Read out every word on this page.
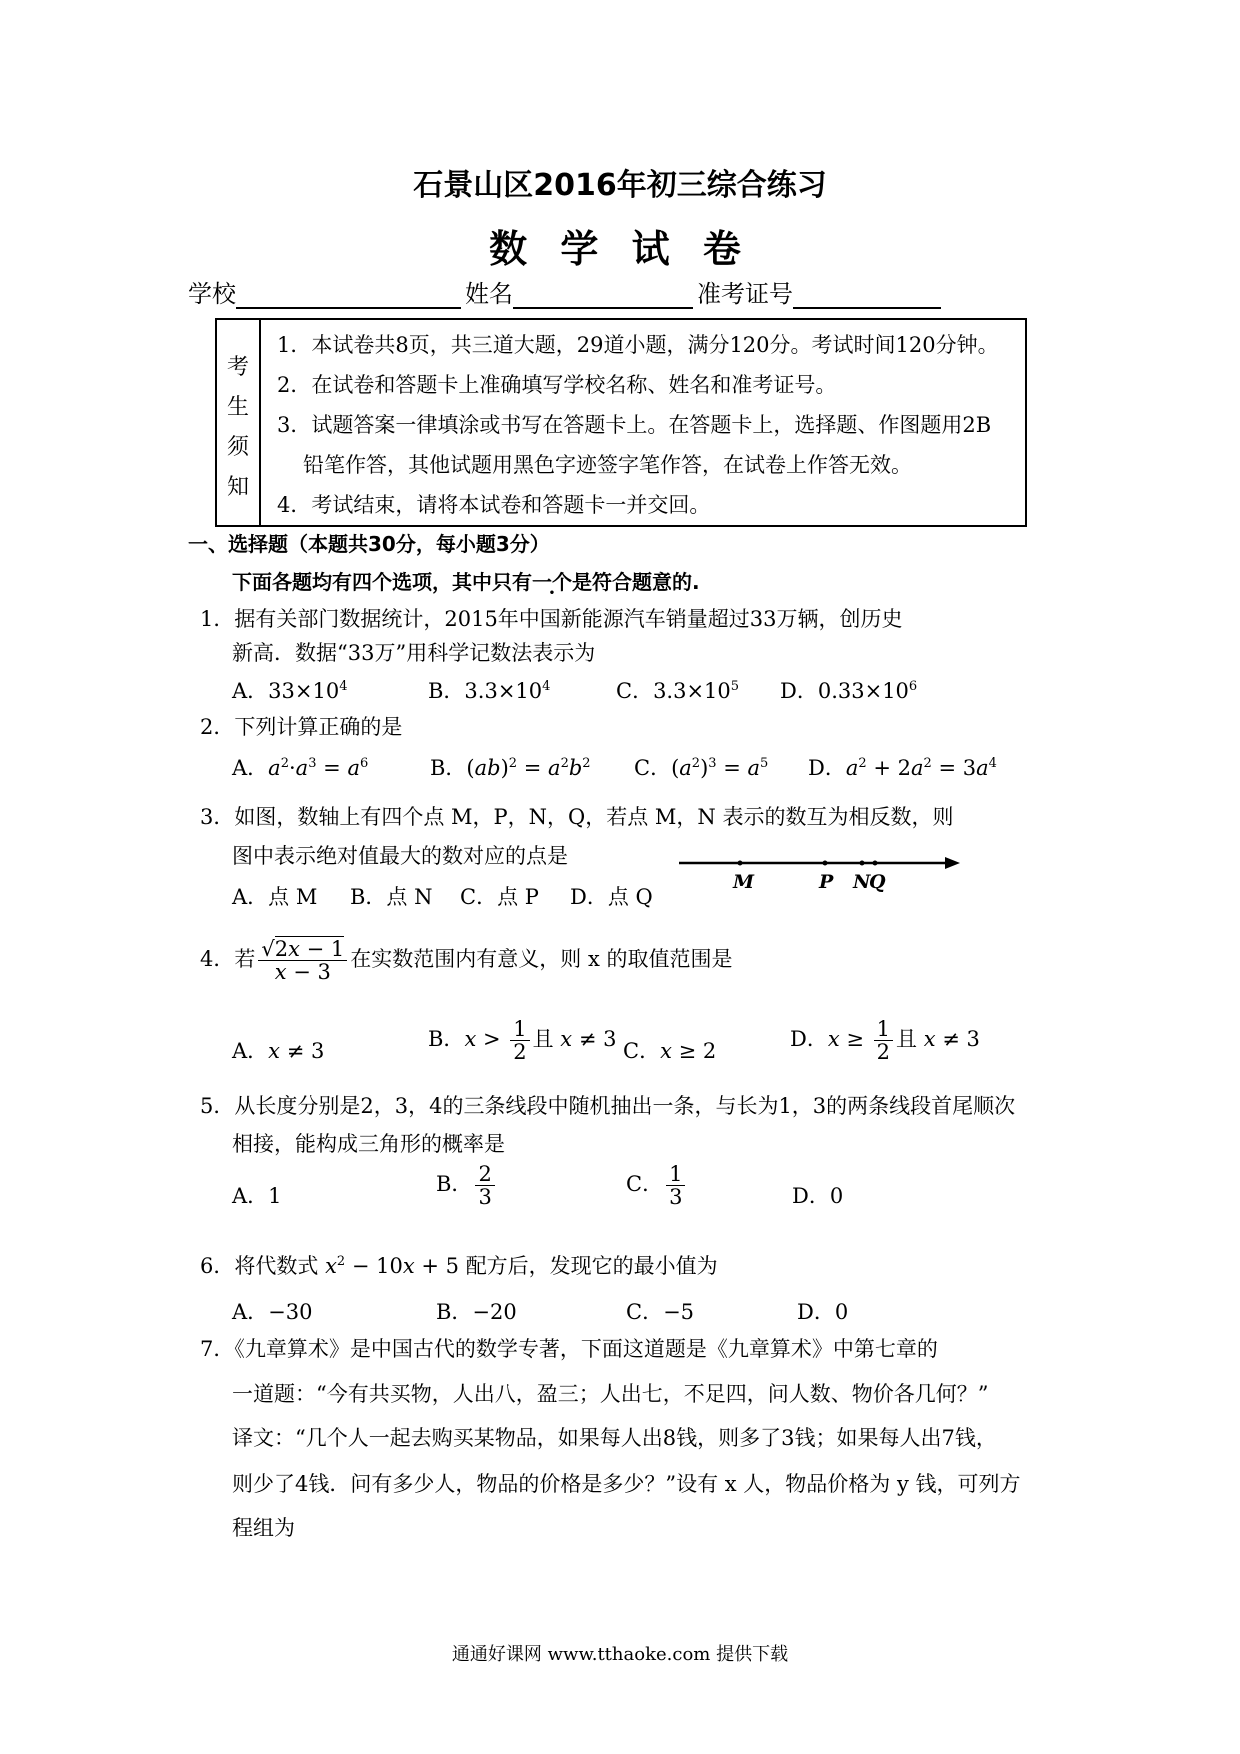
石景山区2016年初三综合练习
数 学 试 卷
学校	姓名	准考证号
考
生
须
知
1．本试卷共8页，共三道大题，29道小题，满分120分。考试时间120分钟。
2．在试卷和答题卡上准确填写学校名称、姓名和准考证号。
3．试题答案一律填涂或书写在答题卡上。在答题卡上，选择题、作图题用2B
铅笔作答，其他试题用黑色字迹签字笔作答，在试卷上作答无效。
4．考试结束，请将本试卷和答题卡一并交回。
一、选择题（本题共30分，每小题3分）
下面各题均有四个选项，其中只有一个是符合题意的.
1．据有关部门数据统计，2015年中国新能源汽车销量超过33万辆，创历史
新高．数据“33万”用科学记数法表示为
A．$33\times 10^4$	B．$3.3\times 10^4$	C．$3.3\times 10^5$ D．$0.33\times 10^6$
2．下列计算正确的是
A．$a^2\cdot a^3 = a^6$	B．$(ab)^2 = a^2b^2$ C．$(a^2)^3 = a^5$ D．$a^2 + 2a^2 = 3a^4$
3．如图，数轴上有四个点 M，P，N，Q，若点 M，N 表示的数互为相反数，则
图中表示绝对值最大的数对应的点是
A．点 M B．点 N C．点 P D．点 Q
M	P N
Q
4．若 $\frac{√2x - 1}{x - 3}$ 在实数范围内有意义，则 x 的取值范围是
A．x ≠ 3	B．$x > \frac{1}{2}$ 且 x ≠ 3 C．x ≥ 2	D．$x \ge \frac{1}{2}$ 且 x ≠ 3
5．从长度分别是2，3，4的三条线段中随机抽出一条，与长为1，3的两条线段首尾顺次
相接，能构成三角形的概率是
A．1	B． $\frac{2}{3}$	C． $\frac{1}{3}$	D．0
6．将代数式 $x^2 - 10x + 5$ 配方后，发现它的最小值为
A．−30	B．−20	C．−5	D．0
7．《九章算术》是中国古代的数学专著，下面这道题是《九章算术》中第七章的
一道题：“今有共买物，人出八，盈三；人出七，不足四，问人数、物价各几何？”
译文：“几个人一起去购买某物品，如果每人出8钱，则多了3钱；如果每人出7钱，
则少了4钱．问有多少人，物品的价格是多少？”设有 x 人，物品价格为 y 钱，可列方
程组为
通通好课网 www.tthaoke.com 提供下载
